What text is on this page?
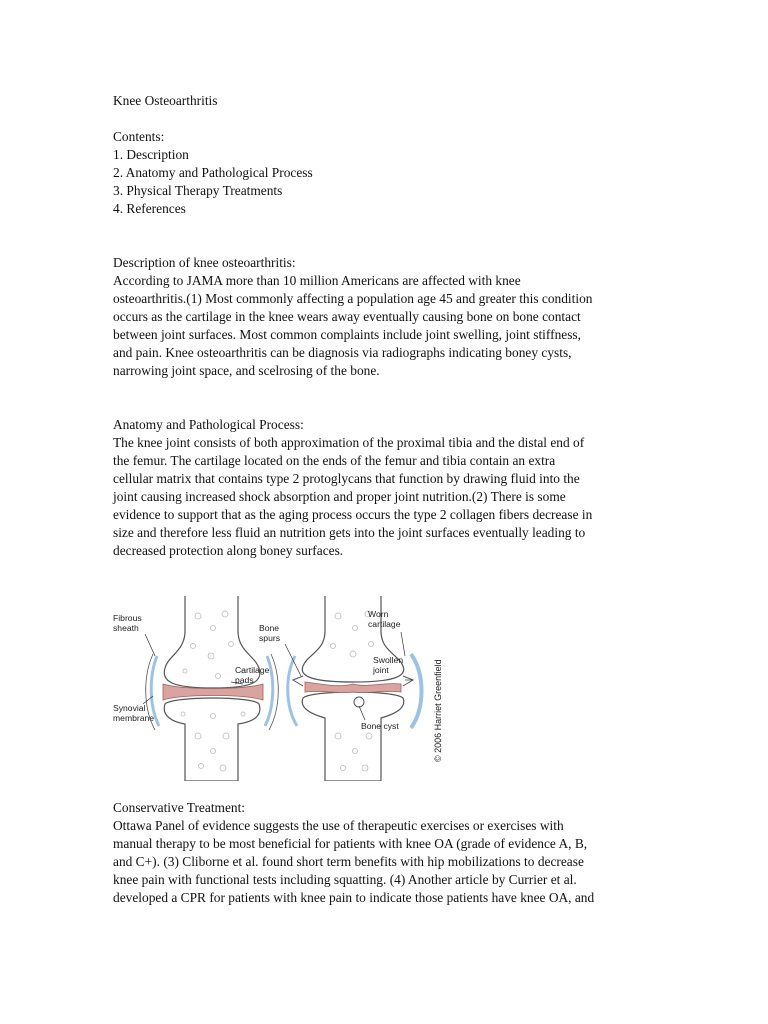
Knee Osteoarthritis
Contents:
1. Description
2. Anatomy and Pathological Process
3. Physical Therapy Treatments
4. References
Description of knee osteoarthritis:
According to JAMA more than 10 million Americans are affected with knee
osteoarthritis.(1) Most commonly affecting a population age 45 and greater this condition
occurs as the cartilage in the knee wears away eventually causing bone on bone contact
between joint surfaces. Most common complaints include joint swelling, joint stiffness,
and pain. Knee osteoarthritis can be diagnosis via radiographs indicating boney cysts,
narrowing joint space, and scelrosing of the bone.
Anatomy and Pathological Process:
The knee joint consists of both approximation of the proximal tibia and the distal end of
the femur. The cartilage located on the ends of the femur and tibia contain an extra
cellular matrix that contains type 2 protoglycans that function by drawing fluid into the
joint causing increased shock absorption and proper joint nutrition.(2) There is some
evidence to support that as the aging process occurs the type 2 collagen fibers decrease in
size and therefore less fluid an nutrition gets into the joint surfaces eventually leading to
decreased protection along boney surfaces.
Fibrous
sheath
Cartilage
pads
Synovial
membrane
Bone
spurs
Worn
cartilage
Swollen
joint
Bone cyst	© 2006 Harriet Greenfield
Conservative Treatment:
Ottawa Panel of evidence suggests the use of therapeutic exercises or exercises with
manual therapy to be most beneficial for patients with knee OA (grade of evidence A, B,
and C+). (3) Cliborne et al. found short term benefits with hip mobilizations to decrease
knee pain with functional tests including squatting. (4) Another article by Currier et al.
developed a CPR for patients with knee pain to indicate those patients have knee OA, and
